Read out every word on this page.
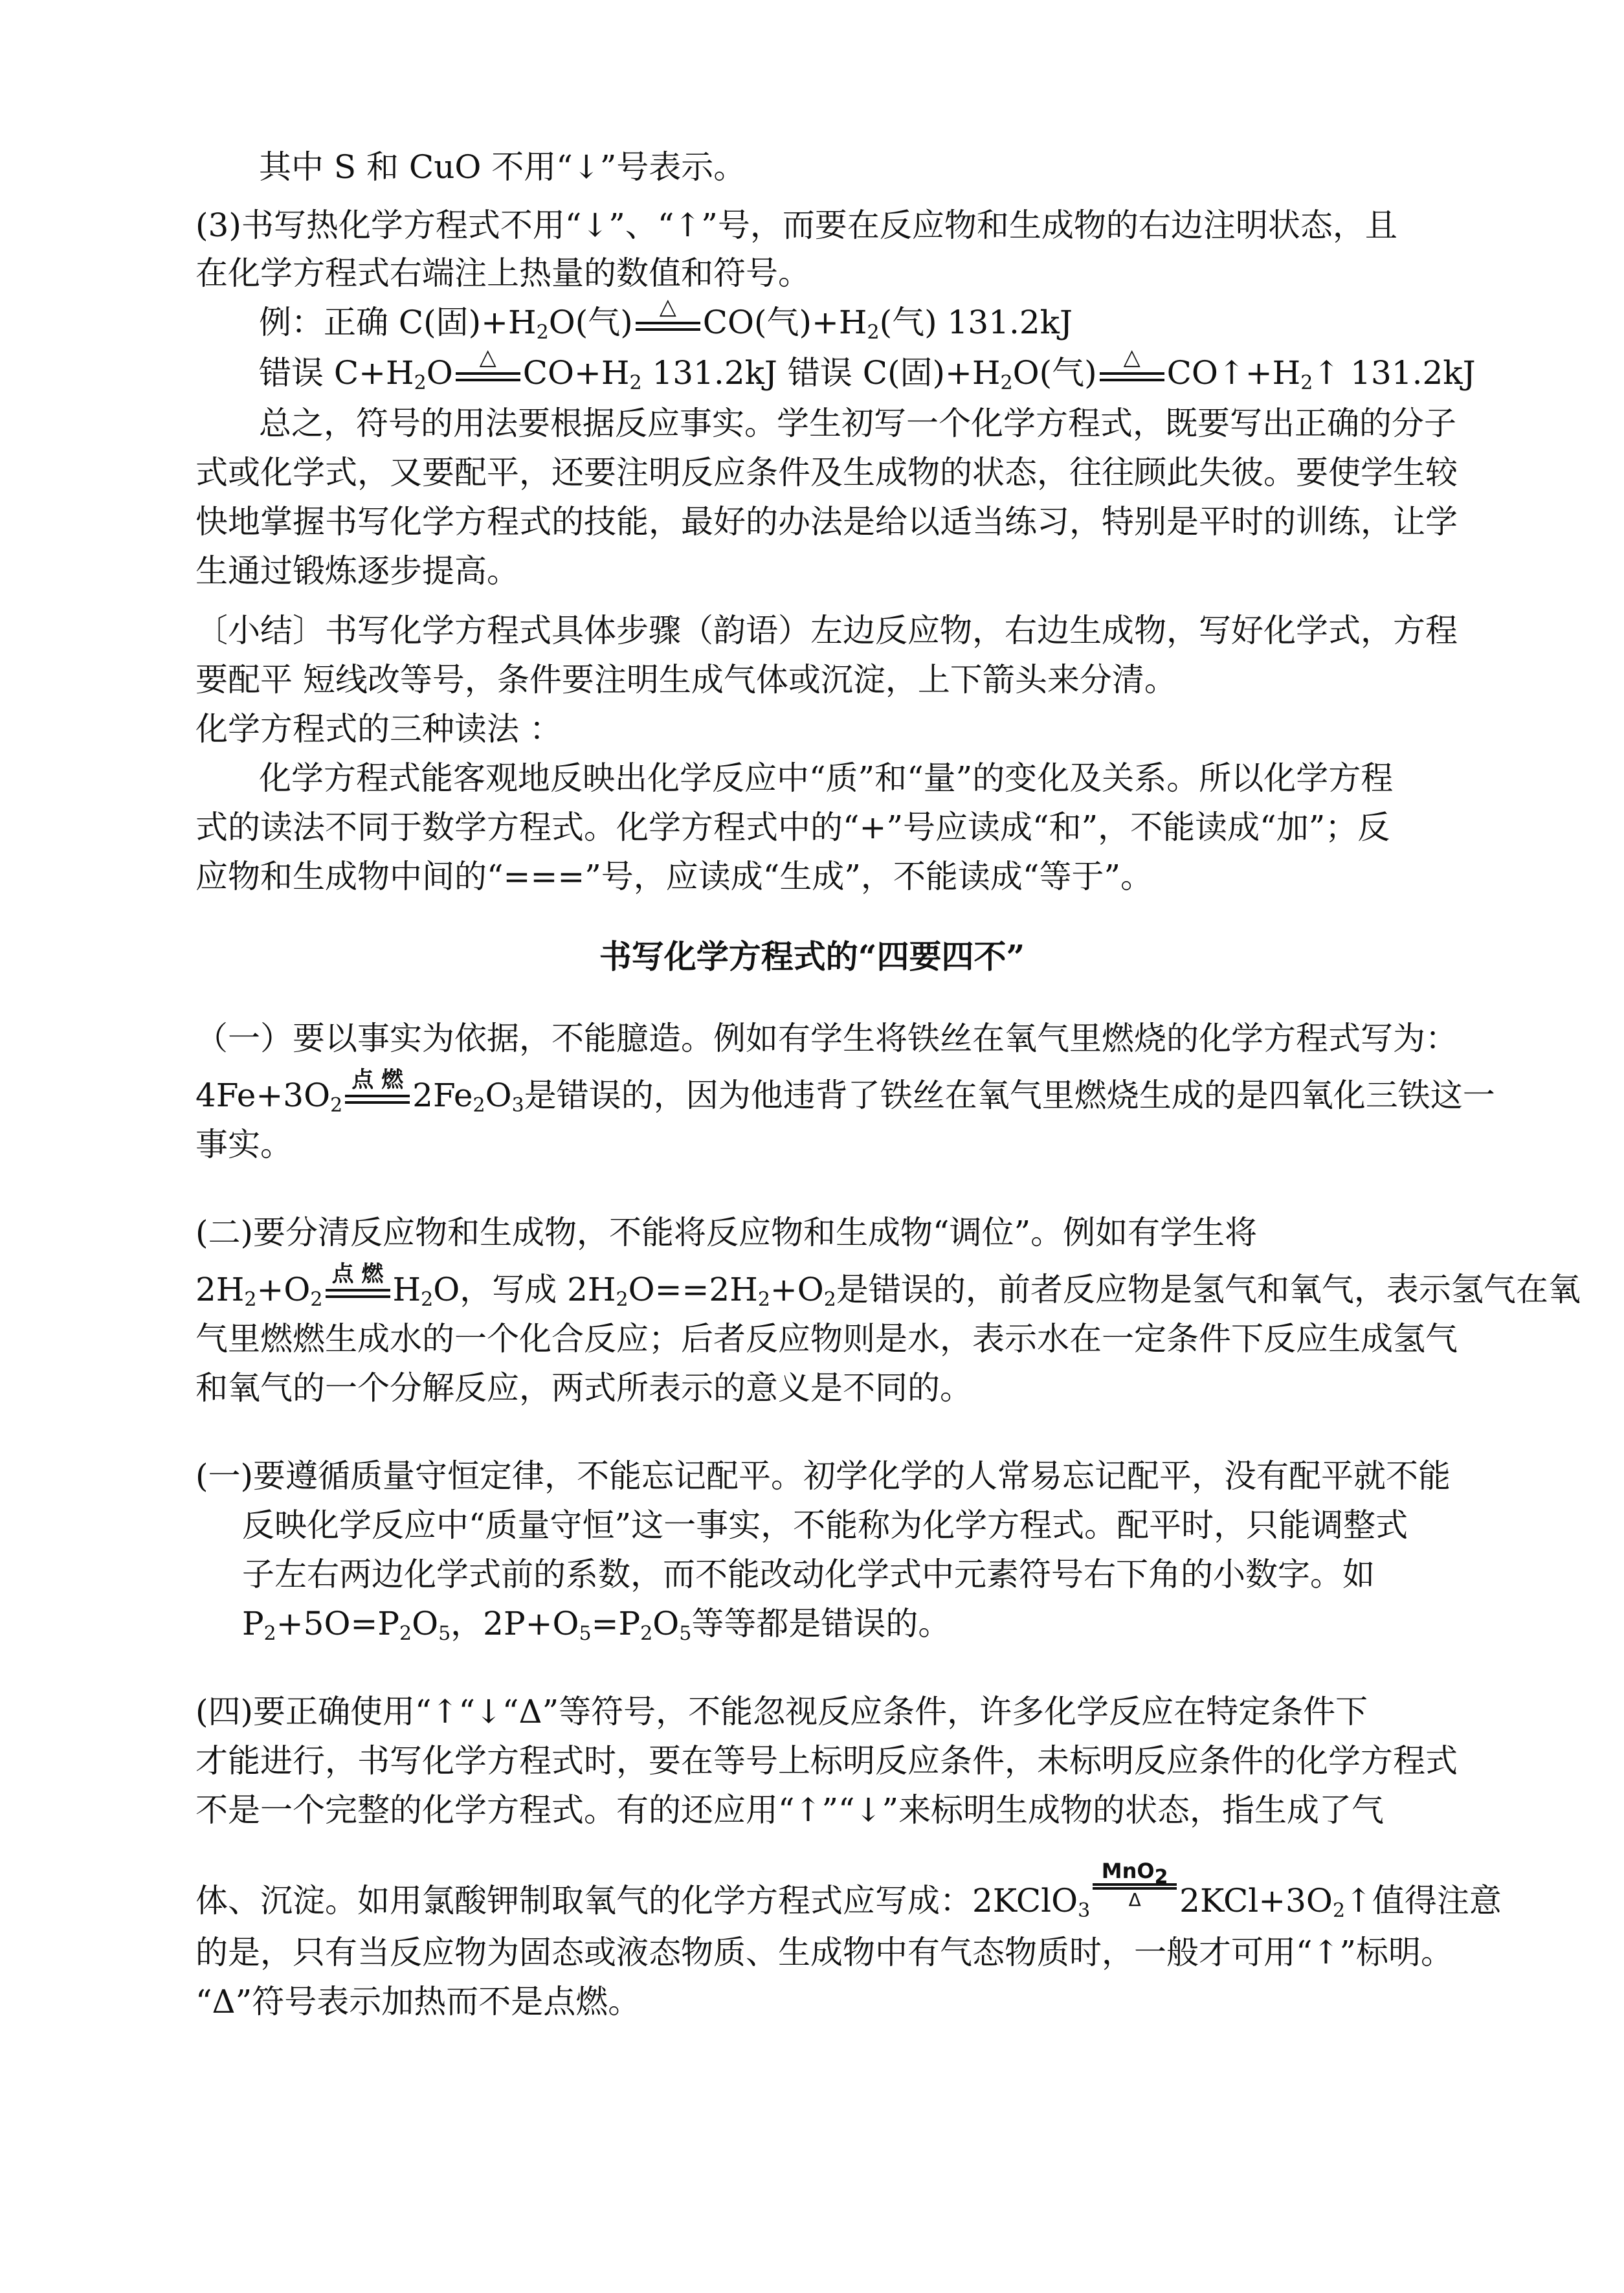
其中 S 和 CuO 不用“↓”号表示。
(3)书写热化学方程式不用“↓”、“↑”号，而要在反应物和生成物的右边注明状态，且
在化学方程式右端注上热量的数值和符号。
例：正确 C(固)$+H_2O$(气)	△ CO(气)$+H_2$(气) 131.2kJ
错误 $C+H_2O$	△ $CO+H_2$ 131.2kJ 错误 C(固)$+H_2O$(气)	△ $CO↑+H_2↑$ 131.2kJ
总之，符号的用法要根据反应事实。学生初写一个化学方程式，既要写出正确的分子
式或化学式，又要配平，还要注明反应条件及生成物的状态，往往顾此失彼。要使学生较
快地掌握书写化学方程式的技能，最好的办法是给以适当练习，特别是平时的训练，让学
生通过锻炼逐步提高。
〔小结〕书写化学方程式具体步骤（韵语）左边反应物，右边生成物，写好化学式，方程
要配平 短线改等号，条件要注明生成气体或沉淀，上下箭头来分清。
化学方程式的三种读法 ：
化学方程式能客观地反映出化学反应中“质”和“量”的变化及关系。所以化学方程
式的读法不同于数学方程式。化学方程式中的“+”号应读成“和”，不能读成“加”；反
应物和生成物中间的“===”号，应读成“生成”，不能读成“等于”。
书写化学方程式的“四要四不”
（一）要以事实为依据，不能臆造。例如有学生将铁丝在氧气里燃烧的化学方程式写为：
$4Fe+3O_2$
点 燃 $2Fe_2O_3$是错误的，因为他违背了铁丝在氧气里燃烧生成的是四氧化三铁这一
事实。
(二)要分清反应物和生成物，不能将反应物和生成物“调位”。例如有学生将
$2H_2+O_2$
点 燃 $H_2O$，写成 $2H_2O==2H_2+O_2$是错误的，前者反应物是氢气和氧气，表示氢气在氧
气里燃燃生成水的一个化合反应；后者反应物则是水，表示水在一定条件下反应生成氢气
和氧气的一个分解反应，两式所表示的意义是不同的。
(一)要遵循质量守恒定律，不能忘记配平。初学化学的人常易忘记配平，没有配平就不能
反映化学反应中“质量守恒”这一事实，不能称为化学方程式。配平时，只能调整式
子左右两边化学式前的系数，而不能改动化学式中元素符号右下角的小数字。如
$P_2+5O=P_2O_5$，$2P+O_5=P_2O_5$等等都是错误的。
(四)要正确使用“↑“↓“Δ”等符号，不能忽视反应条件，许多化学反应在特定条件下
才能进行，书写化学方程式时，要在等号上标明反应条件，未标明反应条件的化学方程式
不是一个完整的化学方程式。有的还应用“↑”“↓”来标明生成物的状态，指生成了气
体、沉淀。如用氯酸钾制取氧气的化学方程式应写成：2KClO$_3$
MnO$_2$
Δ	$2KCl+3O_2↑$值得注意
的是，只有当反应物为固态或液态物质、生成物中有气态物质时，一般才可用“↑”标明。
“Δ”符号表示加热而不是点燃。
